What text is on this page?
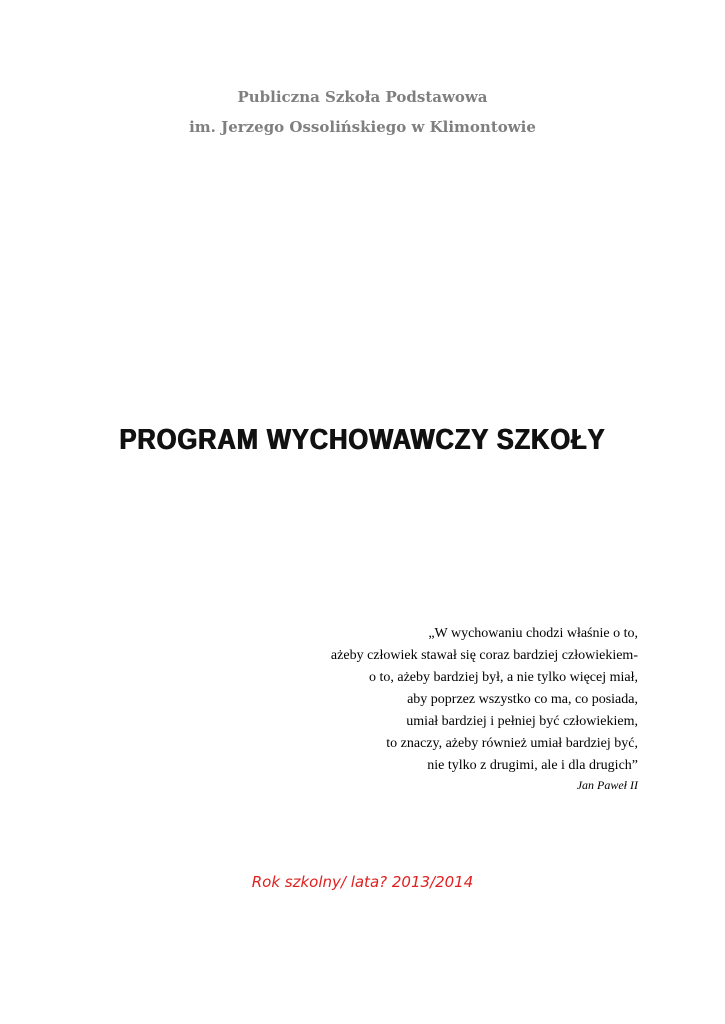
Publiczna Szkoła Podstawowa
im. Jerzego Ossolińskiego w Klimontowie
PROGRAM WYCHOWAWCZY SZKOŁY
„W wychowaniu chodzi właśnie o to,
ażeby człowiek stawał się coraz bardziej człowiekiem-
o to, ażeby bardziej był, a nie tylko więcej miał,
aby poprzez wszystko co ma, co posiada,
umiał bardziej i pełniej być człowiekiem,
to znaczy, ażeby również umiał bardziej być,
nie tylko z drugimi, ale i dla drugich”
Jan Paweł II
Rok szkolny/ lata? 2013/2014
